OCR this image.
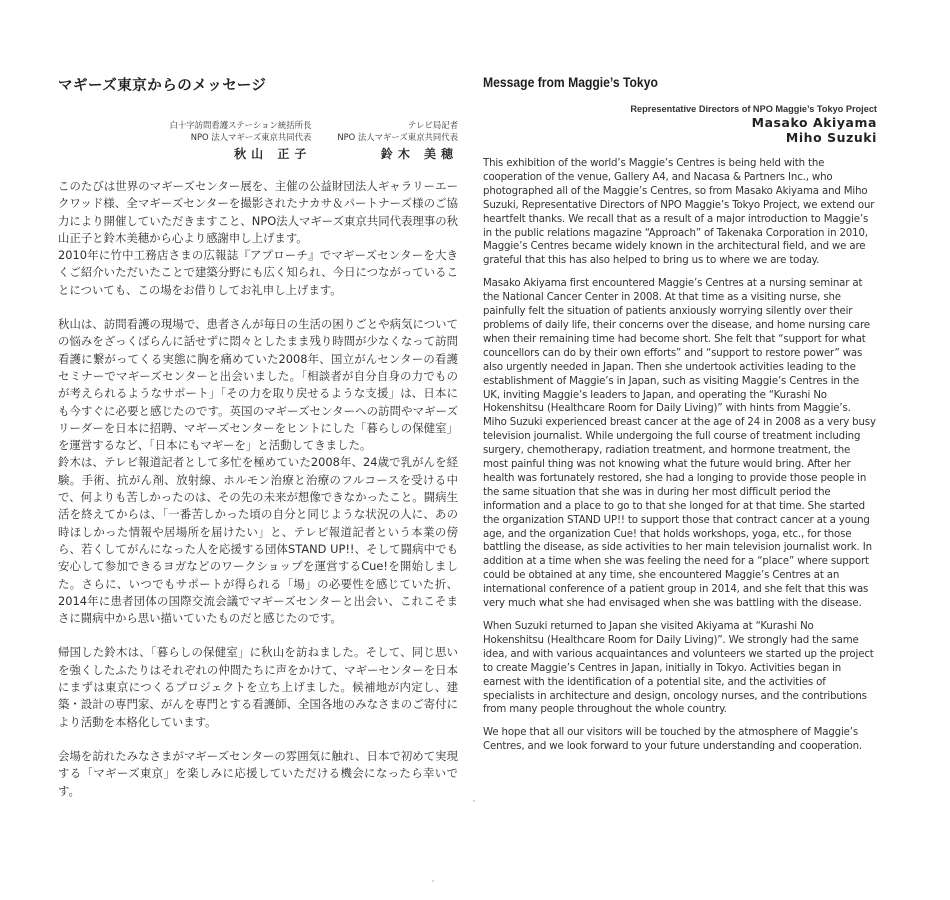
マギーズ東京からのメッセージ
白十字訪問看護ステーション統括所長
NPO 法人マギーズ東京共同代表
秋山 正子
テレビ局記者
NPO 法人マギーズ東京共同代表
鈴木 美穂

このたびは世界のマギーズセンター展を、主催の公益財団法人ギャラリーエークワッド様、全マギーズセンターを撮影されたナカサ＆パートナーズ様のご協力により開催していただきますこと、NPO法人マギーズ東京共同代表理事の秋山正子と鈴木美穂から心より感謝申し上げます。

2010年に竹中工務店さまの広報誌『アプローチ』でマギーズセンターを大きくご紹介いただいたことで建築分野にも広く知られ、今日につながっていることについても、この場をお借りしてお礼申し上げます。

秋山は、訪問看護の現場で、患者さんが毎日の生活の困りごとや病気についての悩みをざっくばらんに話せずに悶々としたまま残り時間が少なくなって訪問看護に繋がってくる実態に胸を痛めていた2008年、国立がんセンターの看護セミナーでマギーズセンターと出会いました。「相談者が自分自身の力でものが考えられるようなサポート」「その力を取り戻せるような支援」は、日本にも今すぐに必要と感じたのです。英国のマギーズセンターへの訪問やマギーズリーダーを日本に招聘、マギーズセンターをヒントにした「暮らしの保健室」を運営するなど、「日本にもマギーを」と活動してきました。

鈴木は、テレビ報道記者として多忙を極めていた2008年、24歳で乳がんを経験。手術、抗がん剤、放射線、ホルモン治療と治療のフルコースを受ける中で、何よりも苦しかったのは、その先の未来が想像できなかったこと。闘病生活を終えてからは、「一番苦しかった頃の自分と同じような状況の人に、あの時ほしかった情報や居場所を届けたい」と、テレビ報道記者という本業の傍ら、若くしてがんになった人を応援する団体STAND UP!!、そして闘病中でも安心して参加できるヨガなどのワークショップを運営するCue!を開始しました。さらに、いつでもサポートが得られる「場」の必要性を感じていた折、2014年に患者団体の国際交流会議でマギーズセンターと出会い、これこそまさに闘病中から思い描いていたものだと感じたのです。

帰国した鈴木は、「暮らしの保健室」に秋山を訪ねました。そして、同じ思いを強くしたふたりはそれぞれの仲間たちに声をかけて、マギーセンターを日本にまずは東京につくるプロジェクトを立ち上げました。候補地が内定し、建築・設計の専門家、がんを専門とする看護師、全国各地のみなさまのご寄付により活動を本格化しています。

会場を訪れたみなさまがマギーズセンターの雰囲気に触れ、日本で初めて実現する「マギーズ東京」を楽しみに応援していただける機会になったら幸いです。

Message from Maggie’s Tokyo
Representative Directors of NPO Maggie’s Tokyo Project
Masako Akiyama
Miho Suzuki

This exhibition of the world’s Maggie’s Centres is being held with the cooperation of the venue, Gallery A4, and Nacasa & Partners Inc., who photographed all of the Maggie’s Centres, so from Masako Akiyama and Miho Suzuki, Representative Directors of NPO Maggie’s Tokyo Project, we extend our heartfelt thanks. We recall that as a result of a major introduction to Maggie’s in the public relations magazine “Approach” of Takenaka Corporation in 2010, Maggie’s Centres became widely known in the architectural field, and we are grateful that this has also helped to bring us to where we are today.

Masako Akiyama first encountered Maggie’s Centres at a nursing seminar at the National Cancer Center in 2008. At that time as a visiting nurse, she painfully felt the situation of patients anxiously worrying silently over their problems of daily life, their concerns over the disease, and home nursing care when their remaining time had become short. She felt that “support for what councellors can do by their own efforts” and “support to restore power” was also urgently needed in Japan. Then she undertook activities leading to the establishment of Maggie’s in Japan, such as visiting Maggie’s Centres in the UK, inviting Maggie’s leaders to Japan, and operating the “Kurashi No Hokenshitsu (Healthcare Room for Daily Living)” with hints from Maggie’s. Miho Suzuki experienced breast cancer at the age of 24 in 2008 as a very busy television journalist. While undergoing the full course of treatment including surgery, chemotherapy, radiation treatment, and hormone treatment, the most painful thing was not knowing what the future would bring. After her health was fortunately restored, she had a longing to provide those people in the same situation that she was in during her most difficult period the information and a place to go to that she longed for at that time. She started the organization STAND UP!! to support those that contract cancer at a young age, and the organization Cue! that holds workshops, yoga, etc., for those battling the disease, as side activities to her main television journalist work. In addition at a time when she was feeling the need for a “place” where support could be obtained at any time, she encountered Maggie’s Centres at an international conference of a patient group in 2014, and she felt that this was very much what she had envisaged when she was battling with the disease.

When Suzuki returned to Japan she visited Akiyama at “Kurashi No Hokenshitsu (Healthcare Room for Daily Living)”. We strongly had the same idea, and with various acquaintances and volunteers we started up the project to create Maggie’s Centres in Japan, initially in Tokyo. Activities began in earnest with the identification of a potential site, and the activities of specialists in architecture and design, oncology nurses, and the contributions from many people throughout the whole country.

We hope that all our visitors will be touched by the atmosphere of Maggie’s Centres, and we look forward to your future understanding and cooperation.
